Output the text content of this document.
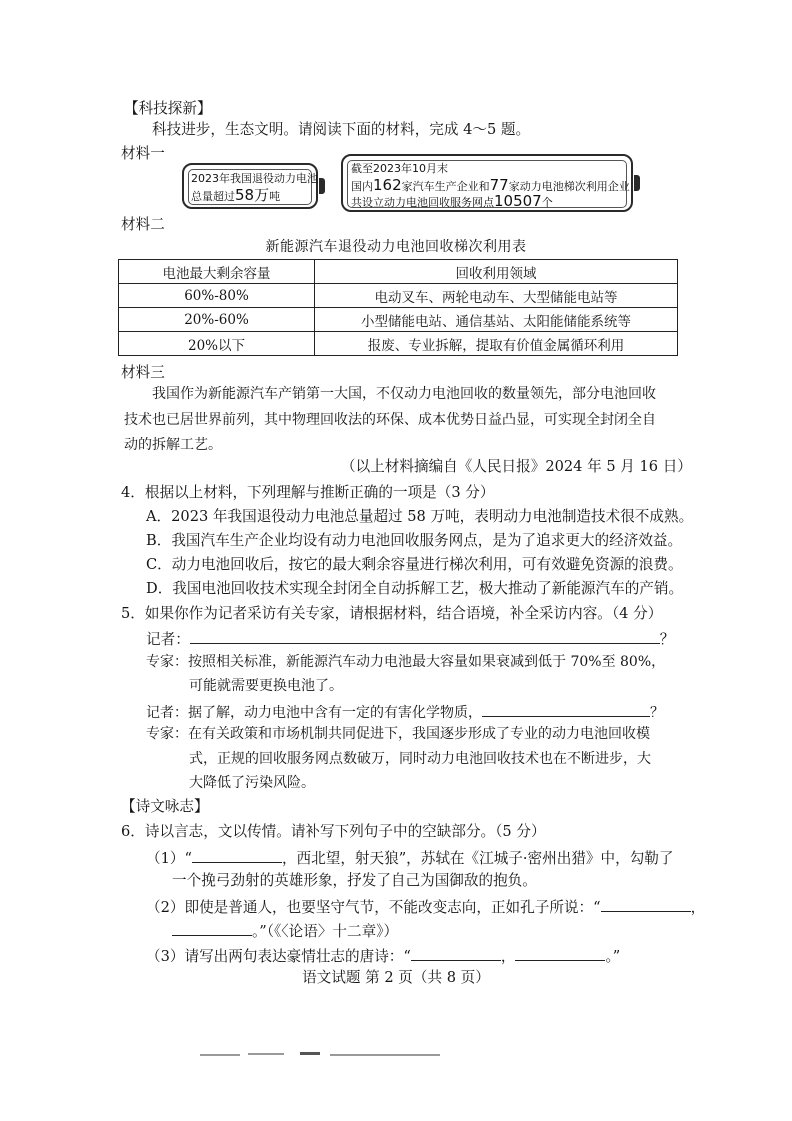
【科技探新】
科技进步，生态文明。请阅读下面的材料，完成 4～5 题。
材料一
2023年我国退役动力电池
总量超过58万吨
截至2023年10月末
国内162家汽车生产企业和77家动力电池梯次利用企业
共设立动力电池回收服务网点10507个
材料二
新能源汽车退役动力电池回收梯次利用表
电池最大剩余容量	回收利用领域
60%-80%	电动叉车、两轮电动车、大型储能电站等
20%-60%	小型储能电站、通信基站、太阳能储能系统等
20%以下	报废、专业拆解，提取有价值金属循环利用
材料三
我国作为新能源汽车产销第一大国，不仅动力电池回收的数量领先，部分电池回收
技术也已居世界前列，其中物理回收法的环保、成本优势日益凸显，可实现全封闭全自
动的拆解工艺。
（以上材料摘编自《人民日报》2024 年 5 月 16 日）
4．根据以上材料，下列理解与推断正确的一项是（3 分）
A．2023 年我国退役动力电池总量超过 58 万吨，表明动力电池制造技术很不成熟。
B．我国汽车生产企业均设有动力电池回收服务网点，是为了追求更大的经济效益。
C．动力电池回收后，按它的最大剩余容量进行梯次利用，可有效避免资源的浪费。
D．我国电池回收技术实现全封闭全自动拆解工艺，极大推动了新能源汽车的产销。
5．如果你作为记者采访有关专家，请根据材料，结合语境，补全采访内容。（4 分）
记者：	？
专家：按照相关标准，新能源汽车动力电池最大容量如果衰减到低于 70%至 80%，
可能就需要更换电池了。
记者：据了解，动力电池中含有一定的有害化学物质，	？
专家：在有关政策和市场机制共同促进下，我国逐步形成了专业的动力电池回收模
式，正规的回收服务网点数破万，同时动力电池回收技术也在不断进步，大
大降低了污染风险。
【诗文咏志】
6．诗以言志，文以传情。请补写下列句子中的空缺部分。（5 分）
（1）“	，西北望，射天狼”，苏轼在《江城子·密州出猎》中，勾勒了
一个挽弓劲射的英雄形象，抒发了自己为国御敌的抱负。
（2）即使是普通人，也要坚守气节，不能改变志向，正如孔子所说：“	，
。”（《〈论语〉十二章》）
（3）请写出两句表达豪情壮志的唐诗：“	，	。”
语文试题 第 2 页（共 8 页）
